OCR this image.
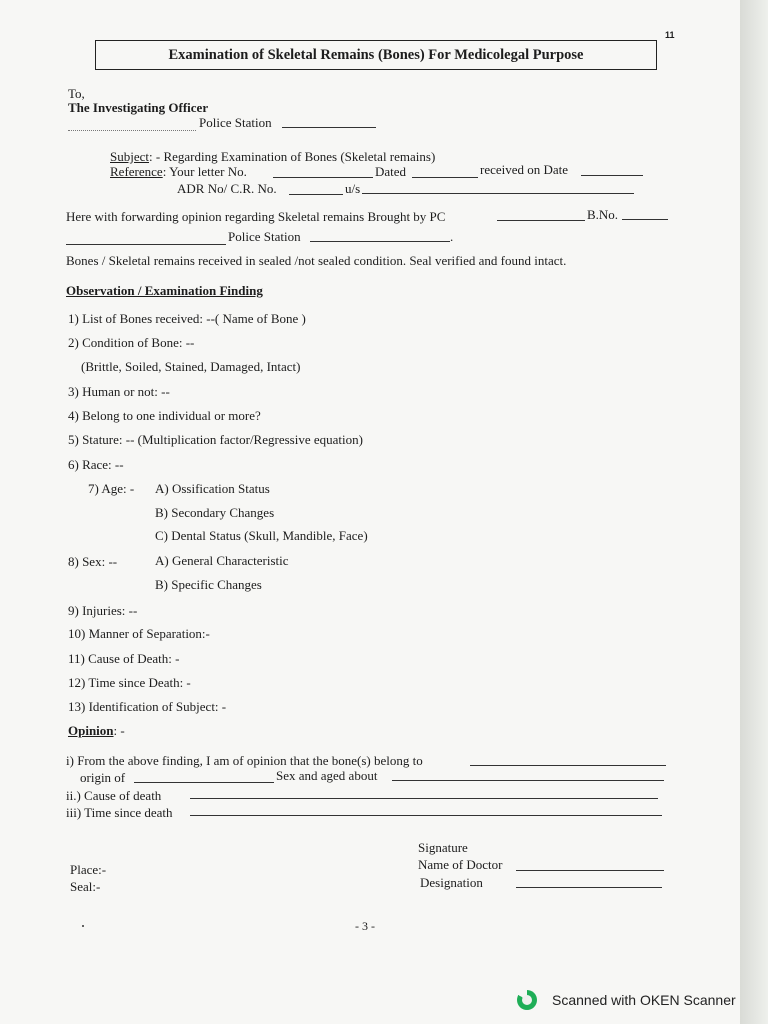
11
Examination of Skeletal Remains (Bones) For Medicolegal Purpose
To,
The Investigating Officer
Police Station
Subject: - Regarding Examination of Bones (Skeletal remains)
Reference: Your letter No.	Dated	received on Date
ADR No/ C.R. No.	u/s
Here with forwarding opinion regarding Skeletal remains Brought by PC	B.No.
Police Station	.
Bones / Skeletal remains received in sealed /not sealed condition. Seal verified and found intact.
Observation / Examination Finding
1) List of Bones received: --( Name of Bone )
2) Condition of Bone: --
(Brittle, Soiled, Stained, Damaged, Intact)
3) Human or not: --
4) Belong to one individual or more?
5) Stature: -- (Multiplication factor/Regressive equation)
6) Race: --
7) Age: - A) Ossification Status
B) Secondary Changes
C) Dental Status (Skull, Mandible, Face)
8) Sex: --	A) General Characteristic
B) Specific Changes
9) Injuries: --
10) Manner of Separation:-
11) Cause of Death: -
12) Time since Death: -
13) Identification of Subject: -
Opinion: -
i) From the above finding, I am of opinion that the bone(s) belong to
origin of	Sex and aged about
ii.) Cause of death
iii) Time since death
Signature
Name of Doctor
Designation
Place:-
Seal:-
- 3 -
Scanned with OKEN Scanner
